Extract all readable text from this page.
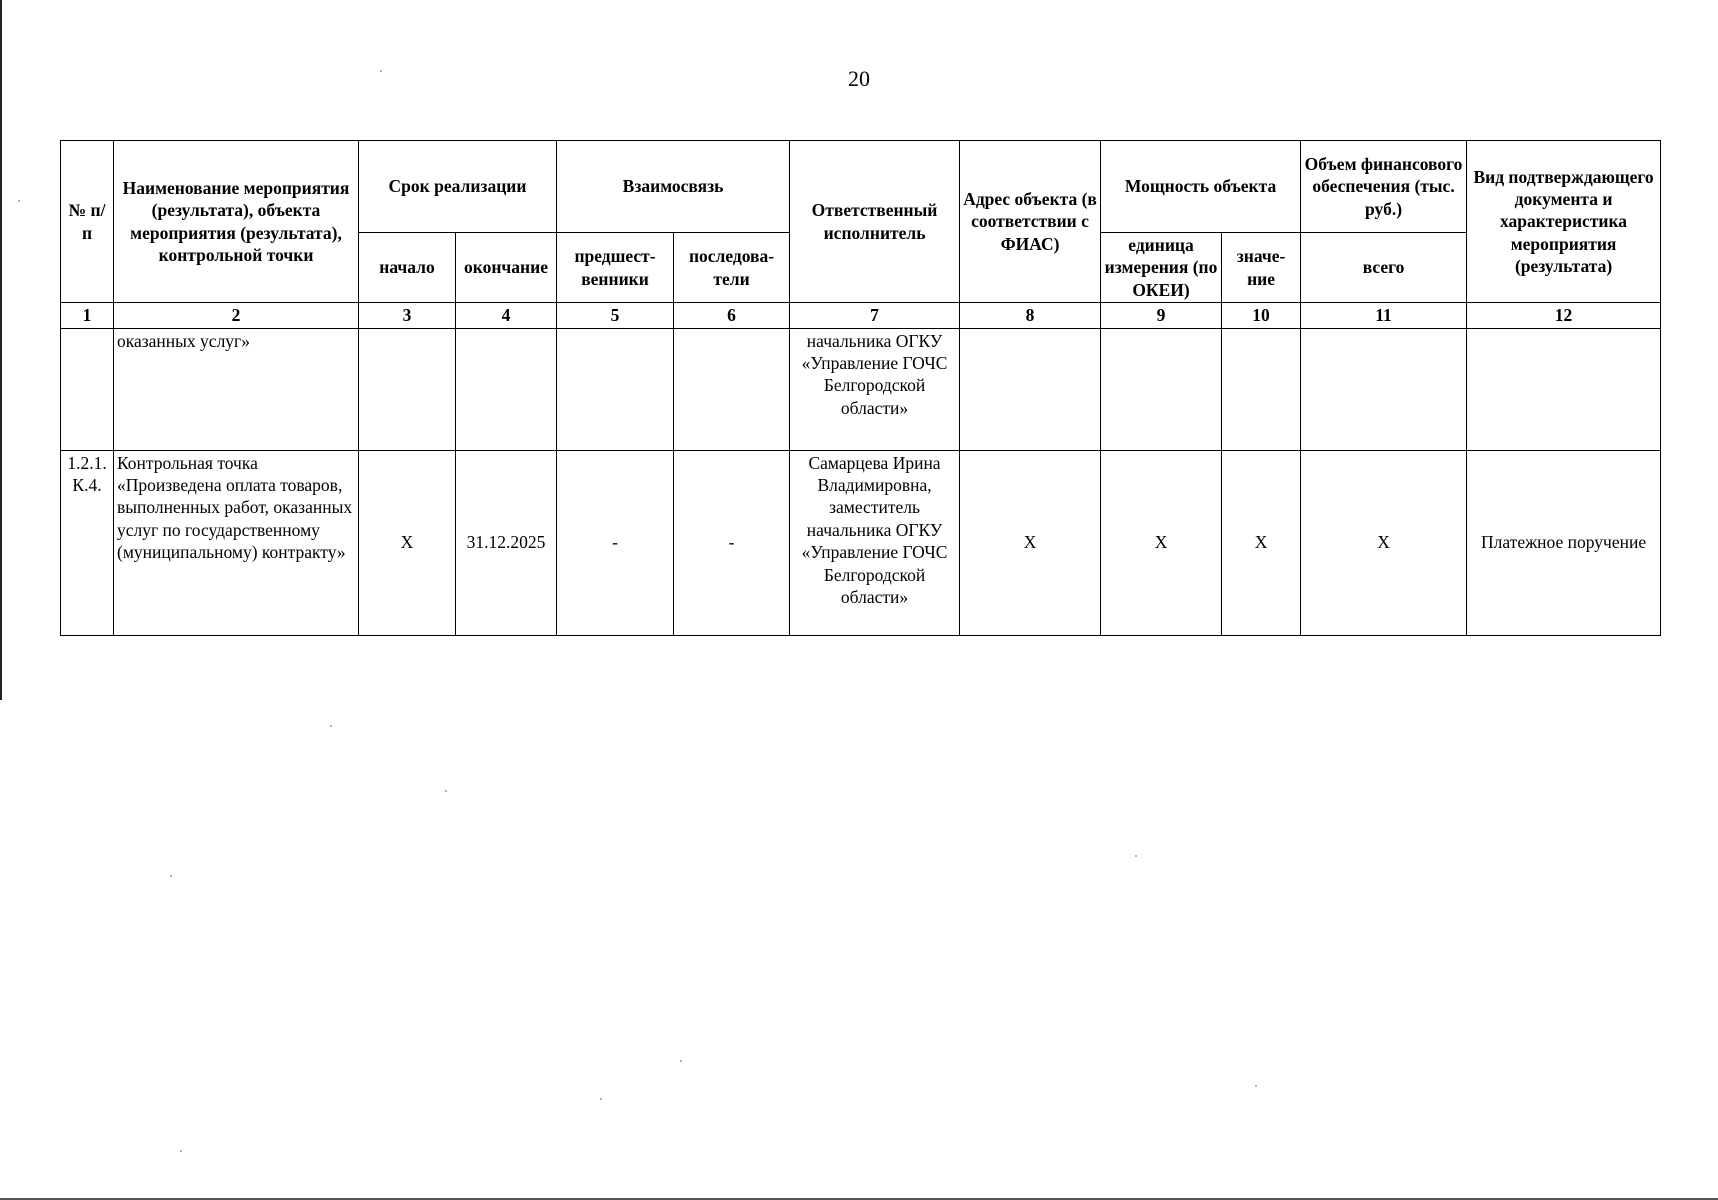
20
№ п/п	Наименование мероприятия (результата), объекта мероприятия (результата), контрольной точки	Срок реализации		Взаимосвязь		Ответственный исполнитель	Адрес объекта (в соответствии с ФИАС)	Мощность объекта		Объем финансового обеспечения (тыс. руб.)	Вид подтверждающего документа и характеристика мероприятия (результата)
		начало	окончание	предшест-венники	последова-тели			единица измерения (по ОКЕИ)	значе-ние	всего	
1	2	3	4	5	6	7	8	9	10	11	12
	оказанных услуг»					начальника ОГКУ «Управление ГОЧС Белгородской области»					
1.2.1. К.4.	Контрольная точка «Произведена оплата товаров, выполненных работ, оказанных услуг по государственному (муниципальному) контракту»	X	31.12.2025	-	-	Самарцева Ирина Владимировна, заместитель начальника ОГКУ «Управление ГОЧС Белгородской области»	X	X	X	X	Платежное поручение
